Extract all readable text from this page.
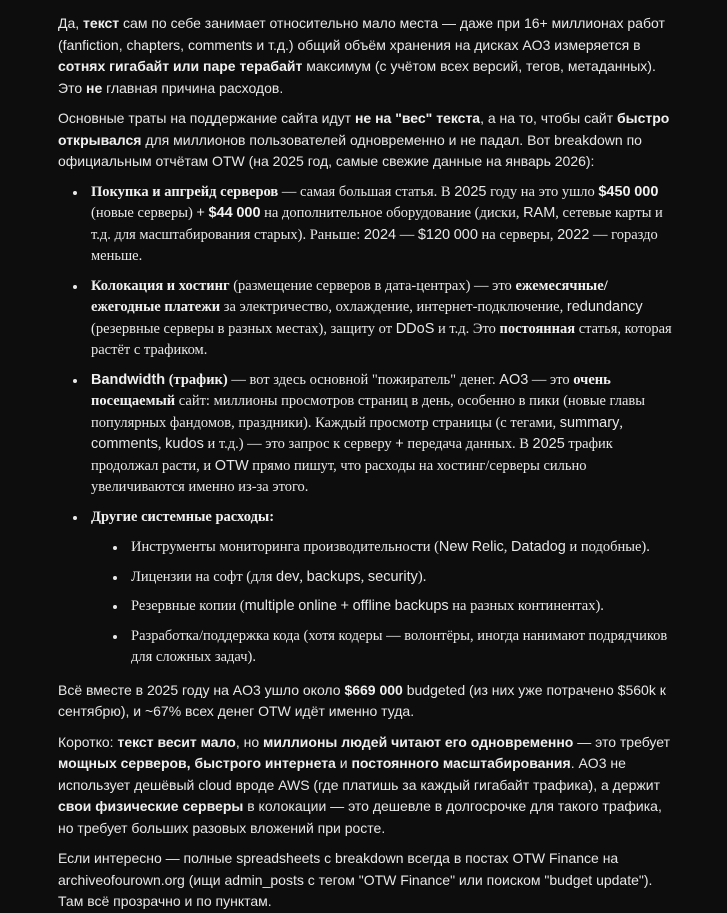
Да, текст сам по себе занимает относительно мало места — даже при 16+ миллионах работ (fanfiction, chapters, comments и т.д.) общий объём хранения на дисках AO3 измеряется в сотнях гигабайт или паре терабайт максимум (с учётом всех версий, тегов, метаданных). Это не главная причина расходов.

Основные траты на поддержание сайта идут не на "вес" текста, а на то, чтобы сайт быстро открывался для миллионов пользователей одновременно и не падал. Вот breakdown по официальным отчётам OTW (на 2025 год, самые свежие данные на январь 2026):

• Покупка и апгрейд серверов — самая большая статья. В 2025 году на это ушло $450 000 (новые серверы) + $44 000 на дополнительное оборудование (диски, RAM, сетевые карты и т.д. для масштабирования старых). Раньше: 2024 — $120 000 на серверы, 2022 — гораздо меньше.
• Колокация и хостинг (размещение серверов в дата-центрах) — это ежемесячные/ежегодные платежи за электричество, охлаждение, интернет-подключение, redundancy (резервные серверы в разных местах), защиту от DDoS и т.д. Это постоянная статья, которая растёт с трафиком.
• Bandwidth (трафик) — вот здесь основной "пожиратель" денег. AO3 — это очень посещаемый сайт: миллионы просмотров страниц в день, особенно в пики (новые главы популярных фандомов, праздники). Каждый просмотр страницы (с тегами, summary, comments, kudos и т.д.) — это запрос к серверу + передача данных. В 2025 трафик продолжал расти, и OTW прямо пишут, что расходы на хостинг/серверы сильно увеличиваются именно из-за этого.
• Другие системные расходы:
• Инструменты мониторинга производительности (New Relic, Datadog и подобные).
• Лицензии на софт (для dev, backups, security).
• Резервные копии (multiple online + offline backups на разных континентах).
• Разработка/поддержка кода (хотя кодеры — волонтёры, иногда нанимают подрядчиков для сложных задач).

Всё вместе в 2025 году на AO3 ушло около $669 000 budgeted (из них уже потрачено $560k к сентябрю), и ~67% всех денег OTW идёт именно туда.

Коротко: текст весит мало, но миллионы людей читают его одновременно — это требует мощных серверов, быстрого интернета и постоянного масштабирования. AO3 не использует дешёвый cloud вроде AWS (где платишь за каждый гигабайт трафика), а держит свои физические серверы в колокации — это дешевле в долгосрочке для такого трафика, но требует больших разовых вложений при росте.

Если интересно — полные spreadsheets с breakdown всегда в постах OTW Finance на archiveofourown.org (ищи admin_posts с тегом "OTW Finance" или поиском "budget update"). Там всё прозрачно и по пунктам.
